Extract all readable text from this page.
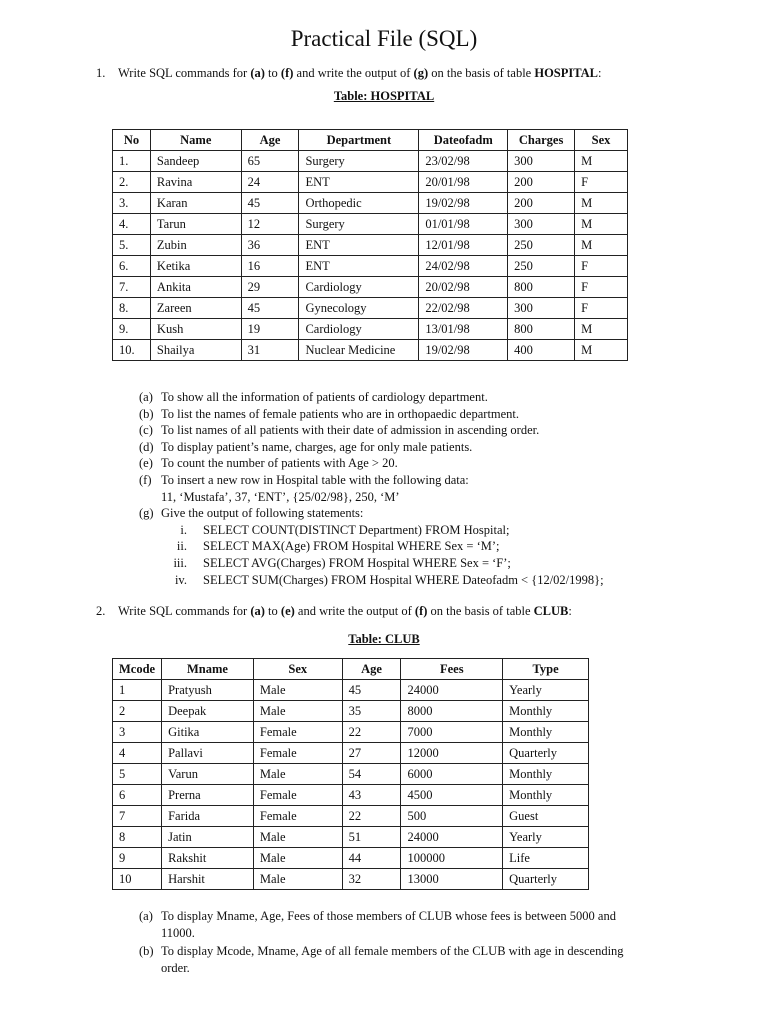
Practical File (SQL)
1. Write SQL commands for (a) to (f) and write the output of (g) on the basis of table HOSPITAL:
Table: HOSPITAL
No	Name	Age	Department	Dateofadm	Charges	Sex
1.	Sandeep	65	Surgery	23/02/98	300	M
2.	Ravina	24	ENT	20/01/98	200	F
3.	Karan	45	Orthopedic	19/02/98	200	M
4.	Tarun	12	Surgery	01/01/98	300	M
5.	Zubin	36	ENT	12/01/98	250	M
6.	Ketika	16	ENT	24/02/98	250	F
7.	Ankita	29	Cardiology	20/02/98	800	F
8.	Zareen	45	Gynecology	22/02/98	300	F
9.	Kush	19	Cardiology	13/01/98	800	M
10.	Shailya	31	Nuclear Medicine	19/02/98	400	M
(a) To show all the information of patients of cardiology department.
(b) To list the names of female patients who are in orthopaedic department.
(c) To list names of all patients with their date of admission in ascending order.
(d) To display patient’s name, charges, age for only male patients.
(e) To count the number of patients with Age > 20.
(f) To insert a new row in Hospital table with the following data:
11, ‘Mustafa’, 37, ‘ENT’, {25/02/98}, 250, ‘M’
(g) Give the output of following statements:
i. SELECT COUNT(DISTINCT Department) FROM Hospital;
ii. SELECT MAX(Age) FROM Hospital WHERE Sex = ‘M’;
iii. SELECT AVG(Charges) FROM Hospital WHERE Sex = ‘F’;
iv. SELECT SUM(Charges) FROM Hospital WHERE Dateofadm < {12/02/1998};
2. Write SQL commands for (a) to (e) and write the output of (f) on the basis of table CLUB:
Table: CLUB
Mcode	Mname	Sex	Age	Fees	Type
1	Pratyush	Male	45	24000	Yearly
2	Deepak	Male	35	8000	Monthly
3	Gitika	Female	22	7000	Monthly
4	Pallavi	Female	27	12000	Quarterly
5	Varun	Male	54	6000	Monthly
6	Prerna	Female	43	4500	Monthly
7	Farida	Female	22	500	Guest
8	Jatin	Male	51	24000	Yearly
9	Rakshit	Male	44	100000	Life
10	Harshit	Male	32	13000	Quarterly
(a) To display Mname, Age, Fees of those members of CLUB whose fees is between 5000 and 11000.
(b) To display Mcode, Mname, Age of all female members of the CLUB with age in descending order.
